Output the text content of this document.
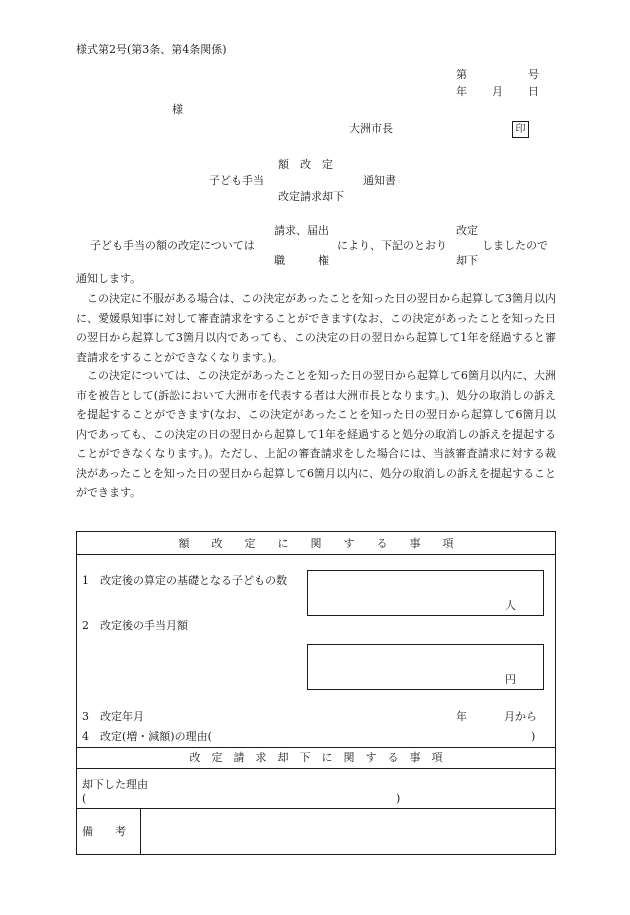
様式第2号(第3条、第4条関係)
第	号
年 月 日
様
大洲市長	印
額　改　定
子ども手当	通知書
改定請求却下
請求、届出	改定
子ども手当の額の改定については	により、下記のとおり	しましたので
職　　　権	却下
通知します。
この決定に不服がある場合は、この決定があったことを知った日の翌日から起算して3箇月以内に、愛媛県知事に対して審査請求をすることができます(なお、この決定があったことを知った日の翌日から起算して3箇月以内であっても、この決定の日の翌日から起算して1年を経過すると審査請求をすることができなくなります。)。
この決定については、この決定があったことを知った日の翌日から起算して6箇月以内に、大洲市を被告として(訴訟において大洲市を代表する者は大洲市長となります。)、処分の取消しの訴えを提起することができます(なお、この決定があったことを知った日の翌日から起算して6箇月以内であっても、この決定の日の翌日から起算して1年を経過すると処分の取消しの訴えを提起することができなくなります。)。ただし、上記の審査請求をした場合には、当該審査請求に対する裁決があったことを知った日の翌日から起算して6箇月以内に、処分の取消しの訴えを提起することができます。
額　　改　　定　　に　　関　　す　　る　　事　　項
1　改定後の算定の基礎となる子どもの数
人
2　改定後の手当月額
円
3　改定年月	年	月から
4　改定(増・減額)の理由(	)
改　定　請　求　却　下　に　関　す　る　事　項
却下した理由
(	)
備　　考
